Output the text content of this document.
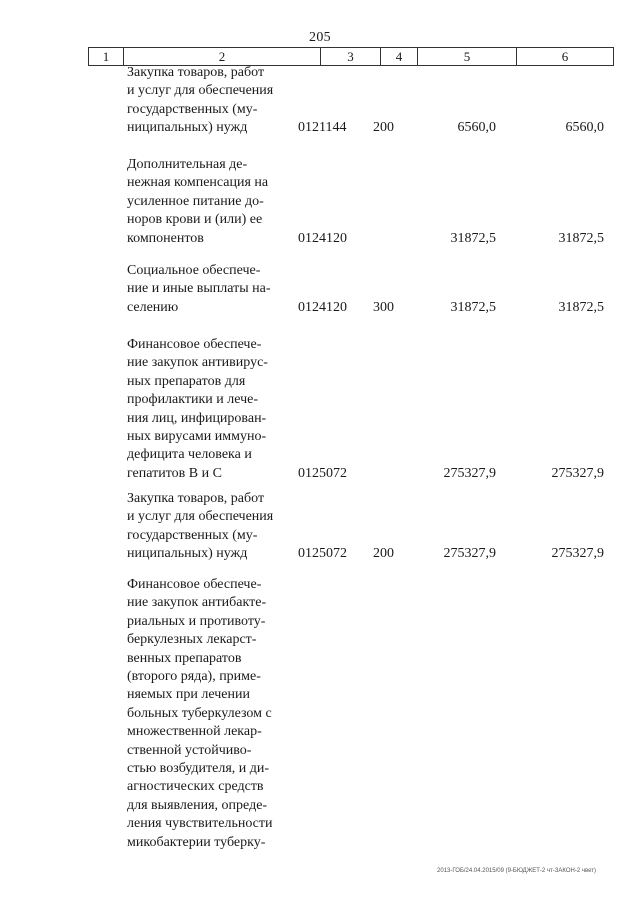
205
1	2	3	4	5	6
Закупка товаров, работ
и услуг для обеспечения
государственных (му-
ниципальных) нужд	0121144 200	6560,0	6560,0
Дополнительная де-
нежная компенсация на
усиленное питание до-
норов крови и (или) ее
компонентов	0124120	31872,5	31872,5
Социальное обеспече-
ние и иные выплаты на-
селению	0124120 300	31872,5	31872,5
Финансовое обеспече-
ние закупок антивирус-
ных препаратов для
профилактики и лече-
ния лиц, инфицирован-
ных вирусами иммуно-
дефицита человека и
гепатитов В и С	0125072	275327,9	275327,9
Закупка товаров, работ
и услуг для обеспечения
государственных (му-
ниципальных) нужд	0125072 200	275327,9	275327,9
Финансовое обеспече-
ние закупок антибакте-
риальных и противоту-
беркулезных лекарст-
венных препаратов
(второго ряда), приме-
няемых при лечении
больных туберкулезом с
множественной лекар-
ственной устойчиво-
стью возбудителя, и ди-
агностических средств
для выявления, опреде-
ления чувствительности
микобактерии туберку-
2013-ГОБ/24.04.2015/09 (9-БЮДЖЕТ-2 чт-ЗАКОН-2 чвет)
